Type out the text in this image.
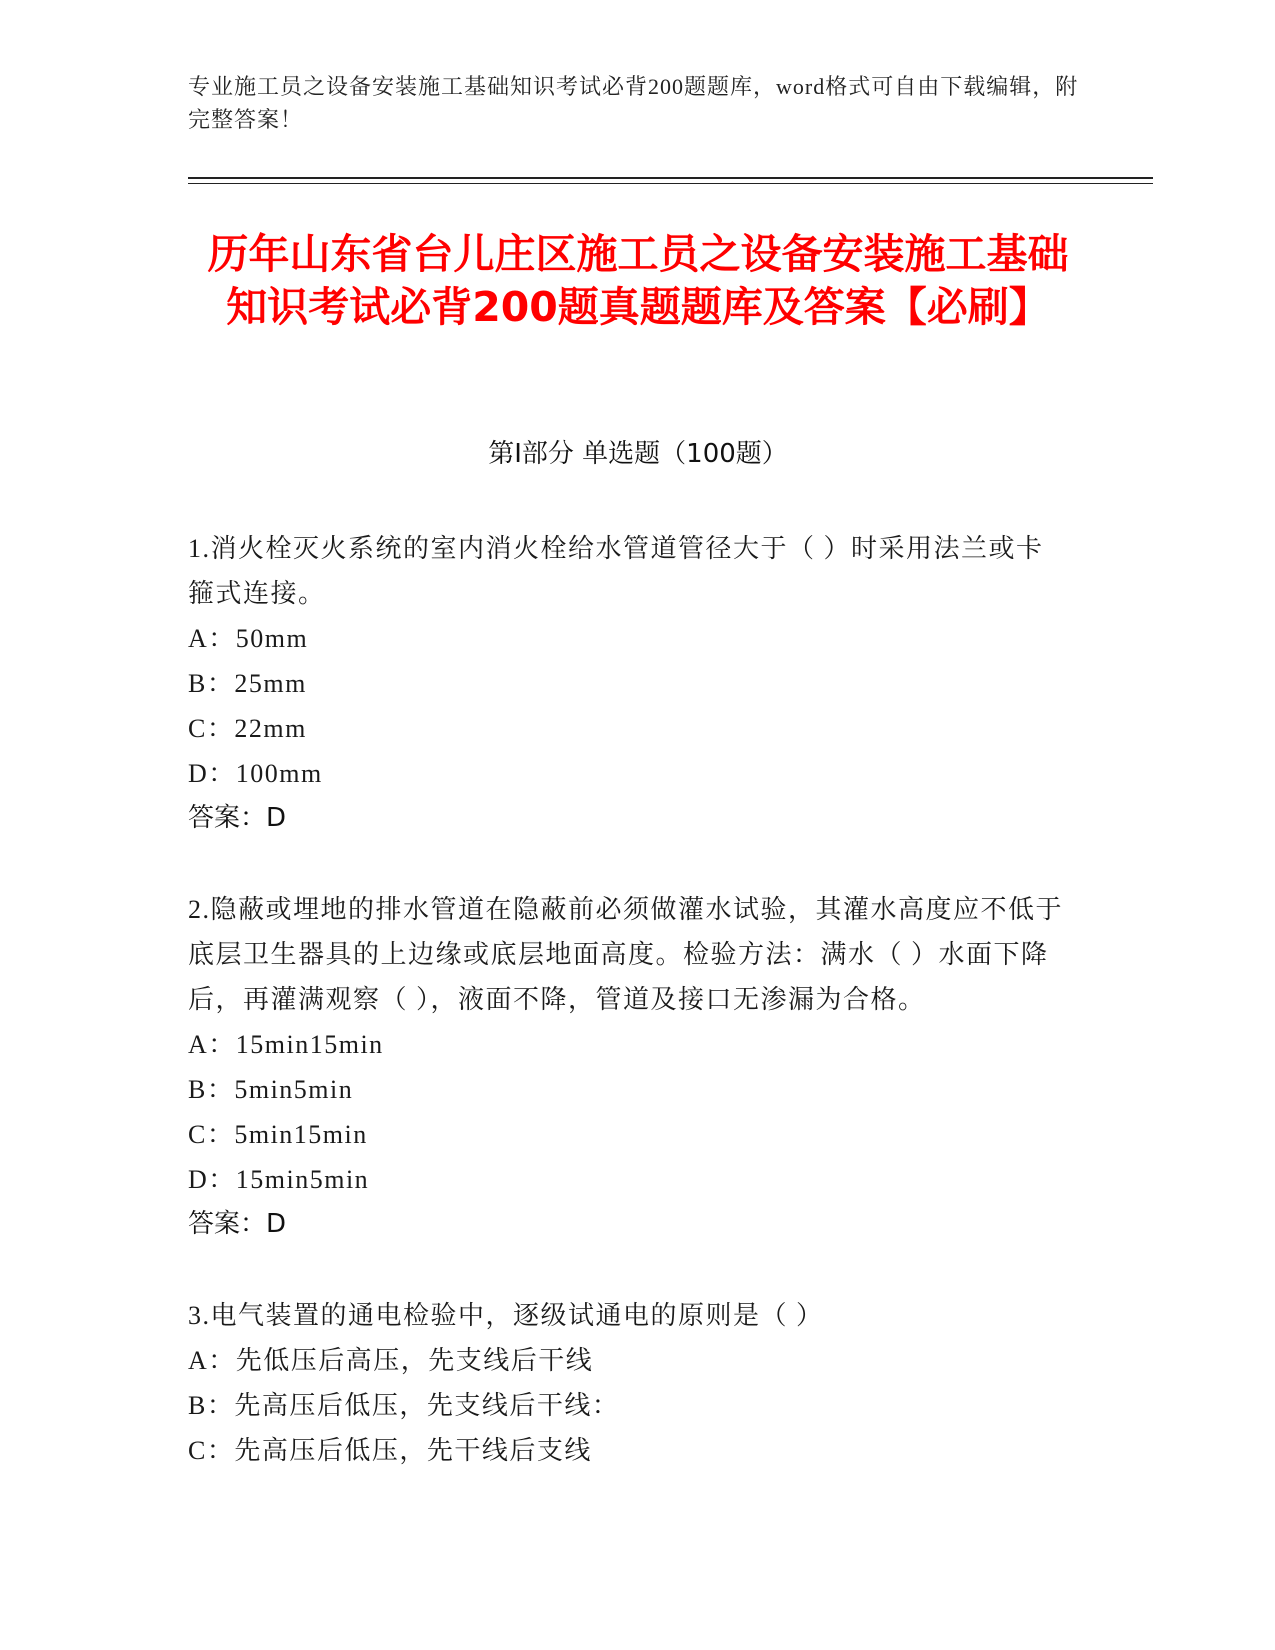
专业施工员之设备安装施工基础知识考试必背200题题库，word格式可自由下载编辑，附完整答案！
历年山东省台儿庄区施工员之设备安装施工基础知识考试必背200题真题题库及答案【必刷】
第I部分 单选题（100题）
1.消火栓灭火系统的室内消火栓给水管道管径大于（ ）时采用法兰或卡箍式连接。
A：50mm
B：25mm
C：22mm
D：100mm
答案：D
2.隐蔽或埋地的排水管道在隐蔽前必须做灌水试验，其灌水高度应不低于底层卫生器具的上边缘或底层地面高度。检验方法：满水（ ）水面下降后，再灌满观察（ ），液面不降，管道及接口无渗漏为合格。
A：15min15min
B：5min5min
C：5min15min
D：15min5min
答案：D
3.电气装置的通电检验中，逐级试通电的原则是（ ）
A：先低压后高压，先支线后干线
B：先高压后低压，先支线后干线：
C：先高压后低压，先干线后支线
